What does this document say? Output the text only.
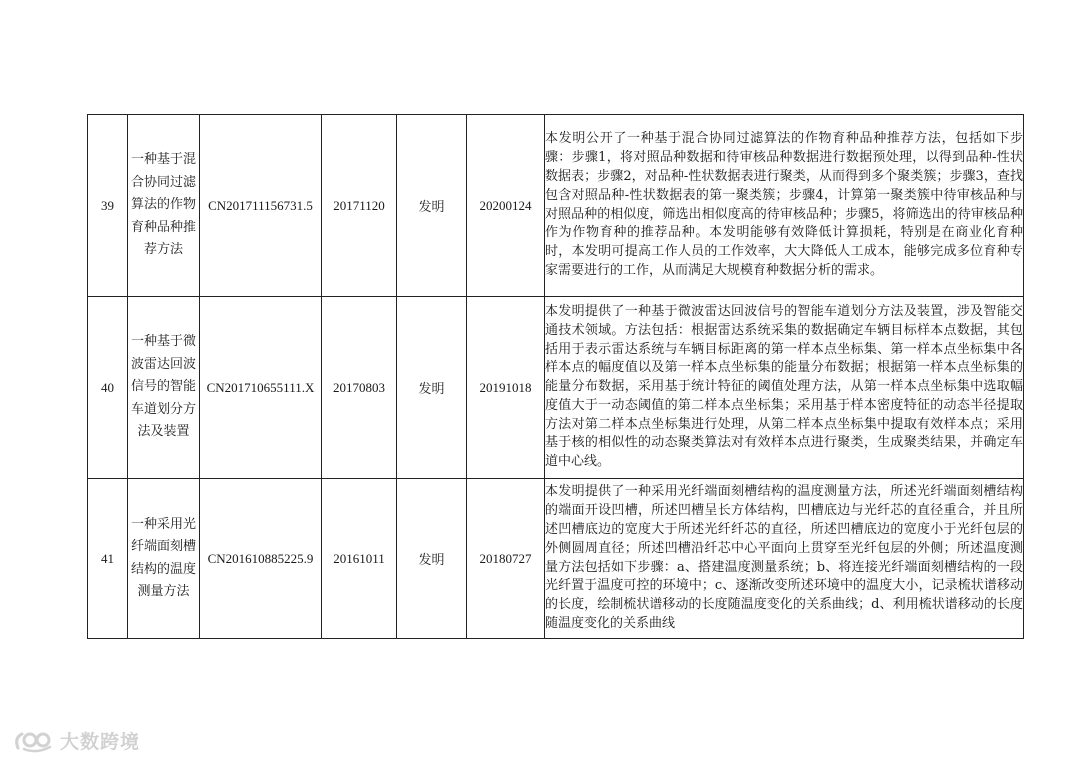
39	一种基于混合协同过滤算法的作物育种品种推荐方法	CN201711156731.5	20171120	发明	20200124	本发明公开了一种基于混合协同过滤算法的作物育种品种推荐方法，包括如下步骤：步骤1，将对照品种数据和待审核品种数据进行数据预处理，以得到品种-性状数据表；步骤2，对品种-性状数据表进行聚类，从而得到多个聚类簇；步骤3，查找包含对照品种-性状数据表的第一聚类簇；步骤4，计算第一聚类簇中待审核品种与对照品种的相似度，筛选出相似度高的待审核品种；步骤5，将筛选出的待审核品种作为作物育种的推荐品种。本发明能够有效降低计算损耗，特别是在商业化育种时，本发明可提高工作人员的工作效率，大大降低人工成本，能够完成多位育种专家需要进行的工作，从而满足大规模育种数据分析的需求。
40	一种基于微波雷达回波信号的智能车道划分方法及装置	CN201710655111.X	20170803	发明	20191018	本发明提供了一种基于微波雷达回波信号的智能车道划分方法及装置，涉及智能交通技术领域。方法包括：根据雷达系统采集的数据确定车辆目标样本点数据，其包括用于表示雷达系统与车辆目标距离的第一样本点坐标集、第一样本点坐标集中各样本点的幅度值以及第一样本点坐标集的能量分布数据；根据第一样本点坐标集的能量分布数据，采用基于统计特征的阈值处理方法，从第一样本点坐标集中选取幅度值大于一动态阈值的第二样本点坐标集；采用基于样本密度特征的动态半径提取方法对第二样本点坐标集进行处理，从第二样本点坐标集中提取有效样本点；采用基于核的相似性的动态聚类算法对有效样本点进行聚类，生成聚类结果，并确定车道中心线。
41	一种采用光纤端面刻槽结构的温度测量方法	CN201610885225.9	20161011	发明	20180727	本发明提供了一种采用光纤端面刻槽结构的温度测量方法，所述光纤端面刻槽结构的端面开设凹槽，所述凹槽呈长方体结构，凹槽底边与光纤芯的直径重合，并且所述凹槽底边的宽度大于所述光纤纤芯的直径，所述凹槽底边的宽度小于光纤包层的外侧圆周直径；所述凹槽沿纤芯中心平面向上贯穿至光纤包层的外侧；所述温度测量方法包括如下步骤：a、搭建温度测量系统；b、将连接光纤端面刻槽结构的一段光纤置于温度可控的环境中；c、逐渐改变所述环境中的温度大小，记录梳状谱移动的长度，绘制梳状谱移动的长度随温度变化的关系曲线；d、利用梳状谱移动的长度随温度变化的关系曲线
大数跨境
